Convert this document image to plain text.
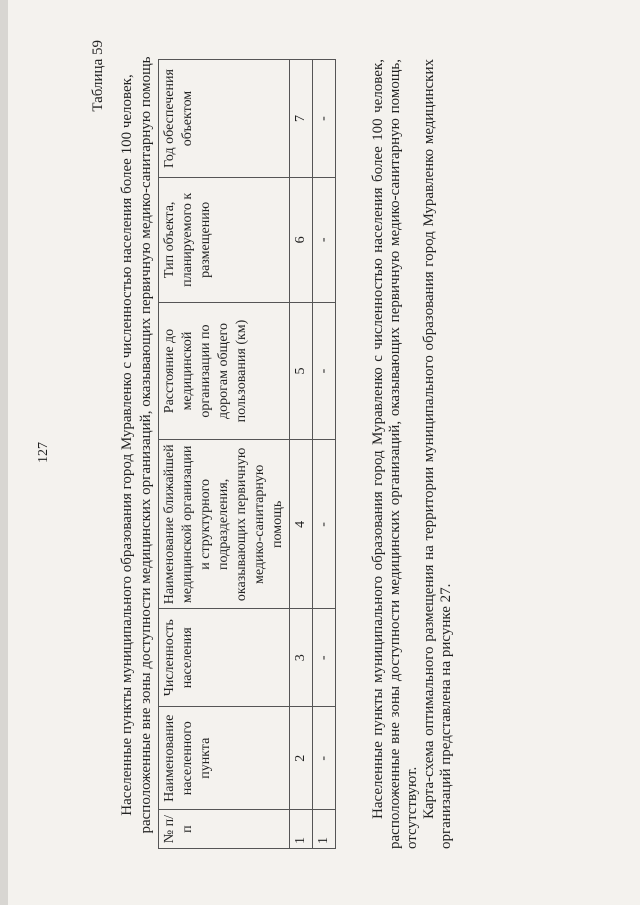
127
Таблица 59 Населенные пункты муниципального образования город Муравленко с численностью населения более 100 человек, расположенные вне зоны доступности медицинских организаций, оказывающих первичную медико-санитарную помощь № п/п	Наименование населенного пункта	Численность населения	Наименование ближайшей медицинской организации и структурного подразделения, оказывающих первичную медико-санитарную помощь	Расстояние до медицинской организации по дорогам общего пользования (км)	Тип объекта, планируемого к размещению	Год обеспечения объектом
1	2	3	4	5	6	7
1	-	-	-	-	-	-	Населенные пункты муниципального образования город Муравленко с численностью населения более 100 человек, расположенные вне зоны доступности медицинских организаций, оказывающих первичную медико-санитарную помощь, отсутствуют. Карта-схема оптимального размещения на территории муниципального образования город Муравленко медицинских организаций представлена на рисунке 27.
